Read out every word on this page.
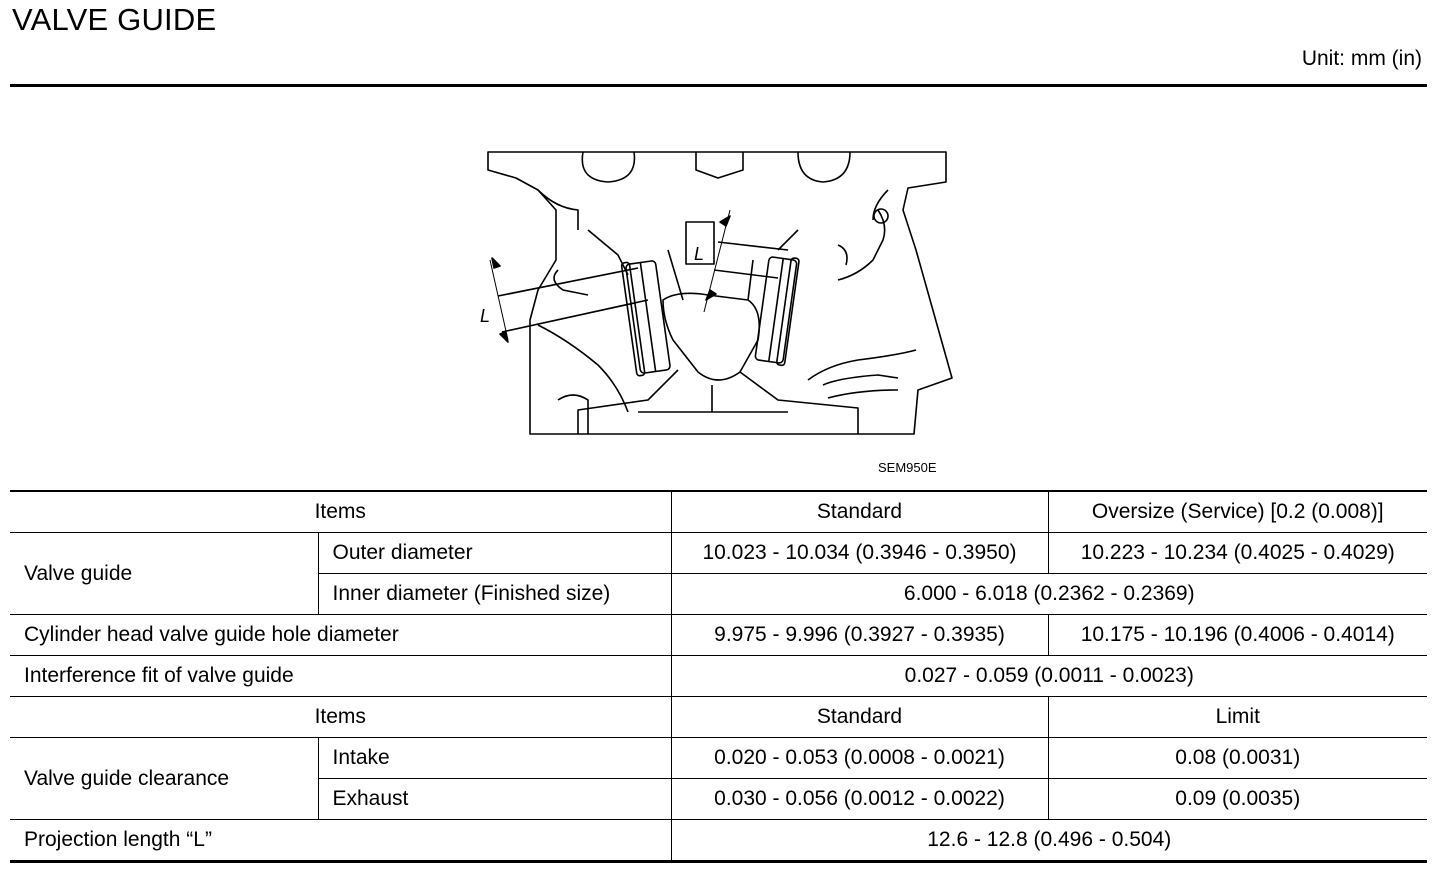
VALVE GUIDE
Unit: mm (in)
L
L
SEM950E
Items		Standard	Oversize (Service) [0.2 (0.008)]
Valve guide	Outer diameter	10.023 - 10.034 (0.3946 - 0.3950)	10.223 - 10.234 (0.4025 - 0.4029)
	Inner diameter (Finished size)	6.000 - 6.018 (0.2362 - 0.2369)	
Cylinder head valve guide hole diameter		9.975 - 9.996 (0.3927 - 0.3935)	10.175 - 10.196 (0.4006 - 0.4014)
Interference fit of valve guide		0.027 - 0.059 (0.0011 - 0.0023)	
Items		Standard	Limit
Valve guide clearance	Intake	0.020 - 0.053 (0.0008 - 0.0021)	0.08 (0.0031)
	Exhaust	0.030 - 0.056 (0.0012 - 0.0022)	0.09 (0.0035)
Projection length “L”		12.6 - 12.8 (0.496 - 0.504)	
